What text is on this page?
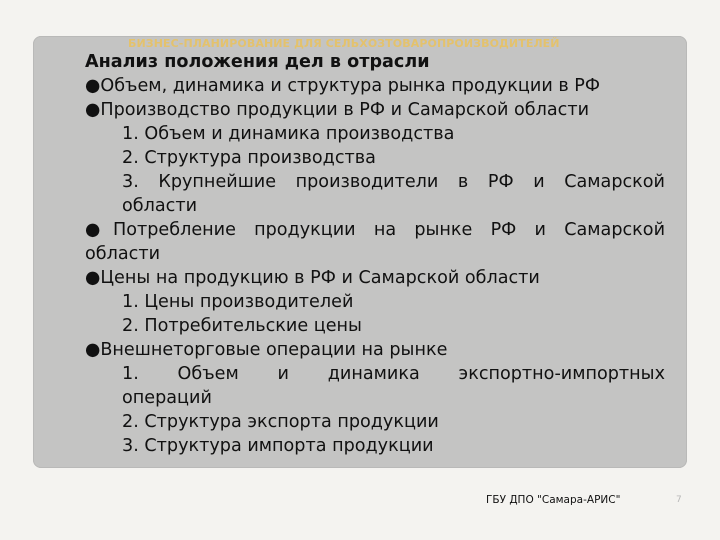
БИЗНЕС-ПЛАНИРОВАНИЕ ДЛЯ СЕЛЬХОЗТОВАРОПРОИЗВОДИТЕЛЕЙ

Анализ положения дел в отрасли

●Объем, динамика и структура рынка продукции в РФ

●Производство продукции в РФ и Самарской области

1. Объем и динамика производства

2. Структура производства

3. Крупнейшие производители в РФ и Самарской

области

●Потребление продукции на рынке РФ и Самарской

области

●Цены на продукцию в РФ и Самарской области

1. Цены производителей

2. Потребительские цены

●Внешнеторговые операции на рынке

1. Объем и динамика экспортно-импортных

операций

2. Структура экспорта продукции

3. Структура импорта продукции

ГБУ ДПО "Самара-АРИС"	7
